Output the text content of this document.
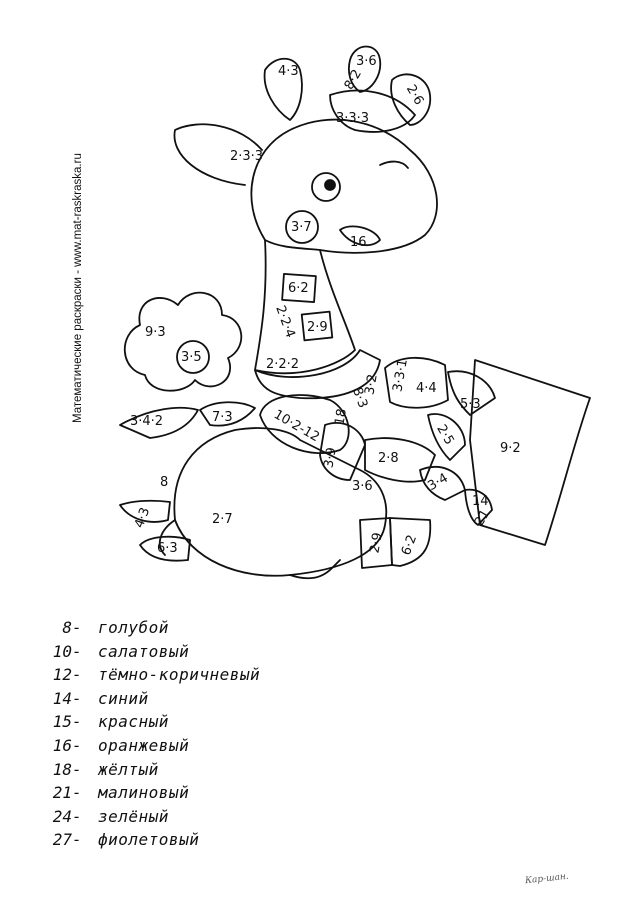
Математические раскраски - www.mat-raskraska.ru
4·3
3·6
8·2
2·6
3·3·3
2·3·3
3·7
16
6·2
2·2·4 2·9
2·2·2
9·3
3·5
3·4·2	7·3	10·2-12 18
8·3
3·2 3·3·1 4·4
5·3
2·5
9·2
3·9	2·8
3·6	3·4
14
21
8
4·3	2·7
6·3	2·9 6·2
8 - голубой
10 - салатовый
12 - тёмно-коричневый
14 - синий
15 - красный
16 - оранжевый
18 - жёлтый
21 - малиновый
24 - зелёный
27 - фиолетовый
Кар-шан.
